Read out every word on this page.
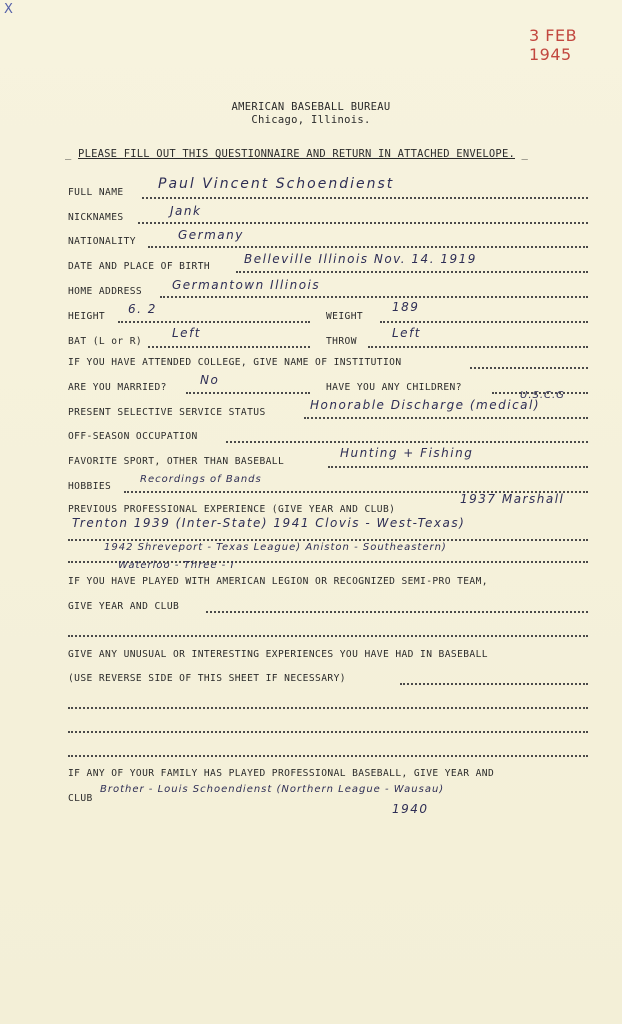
X
3 FEB 1945
AMERICAN BASEBALL BUREAU
Chicago, Illinois.
_ PLEASE FILL OUT THIS QUESTIONNAIRE AND RETURN IN ATTACHED ENVELOPE. _
FULL NAME
Paul Vincent Schoendienst
NICKNAMES	Jank
NATIONALITY	Germany
DATE AND PLACE OF BIRTH
Belleville Illinois Nov. 14. 1919
HOME ADDRESS Germantown Illinois
HEIGHT
6. 2
WEIGHT
189
BAT (L or R)
Left
THROW
Left
IF YOU HAVE ATTENDED COLLEGE, GIVE NAME OF INSTITUTION
ARE YOU MARRIED?
No
HAVE YOU ANY CHILDREN?
U.S.C.G
PRESENT SELECTIVE SERVICE STATUS
Honorable Discharge (medical)
OFF-SEASON OCCUPATION
FAVORITE SPORT, OTHER THAN BASEBALL
Hunting + Fishing
HOBBIES
Recordings of Bands
PREVIOUS PROFESSIONAL EXPERIENCE (GIVE YEAR AND CLUB)
1937 Marshall
Trenton 1939 (Inter-State) 1941 Clovis - West-Texas)
1942 Shreveport - Texas League) Aniston - Southeastern)
Waterloo - Three - I
IF YOU HAVE PLAYED WITH AMERICAN LEGION OR RECOGNIZED SEMI-PRO TEAM,
GIVE YEAR AND CLUB
GIVE ANY UNUSUAL OR INTERESTING EXPERIENCES YOU HAVE HAD IN BASEBALL
(USE REVERSE SIDE OF THIS SHEET IF NECESSARY)
IF ANY OF YOUR FAMILY HAS PLAYED PROFESSIONAL BASEBALL, GIVE YEAR AND
CLUB
Brother - Louis Schoendienst (Northern League - Wausau)
1940
